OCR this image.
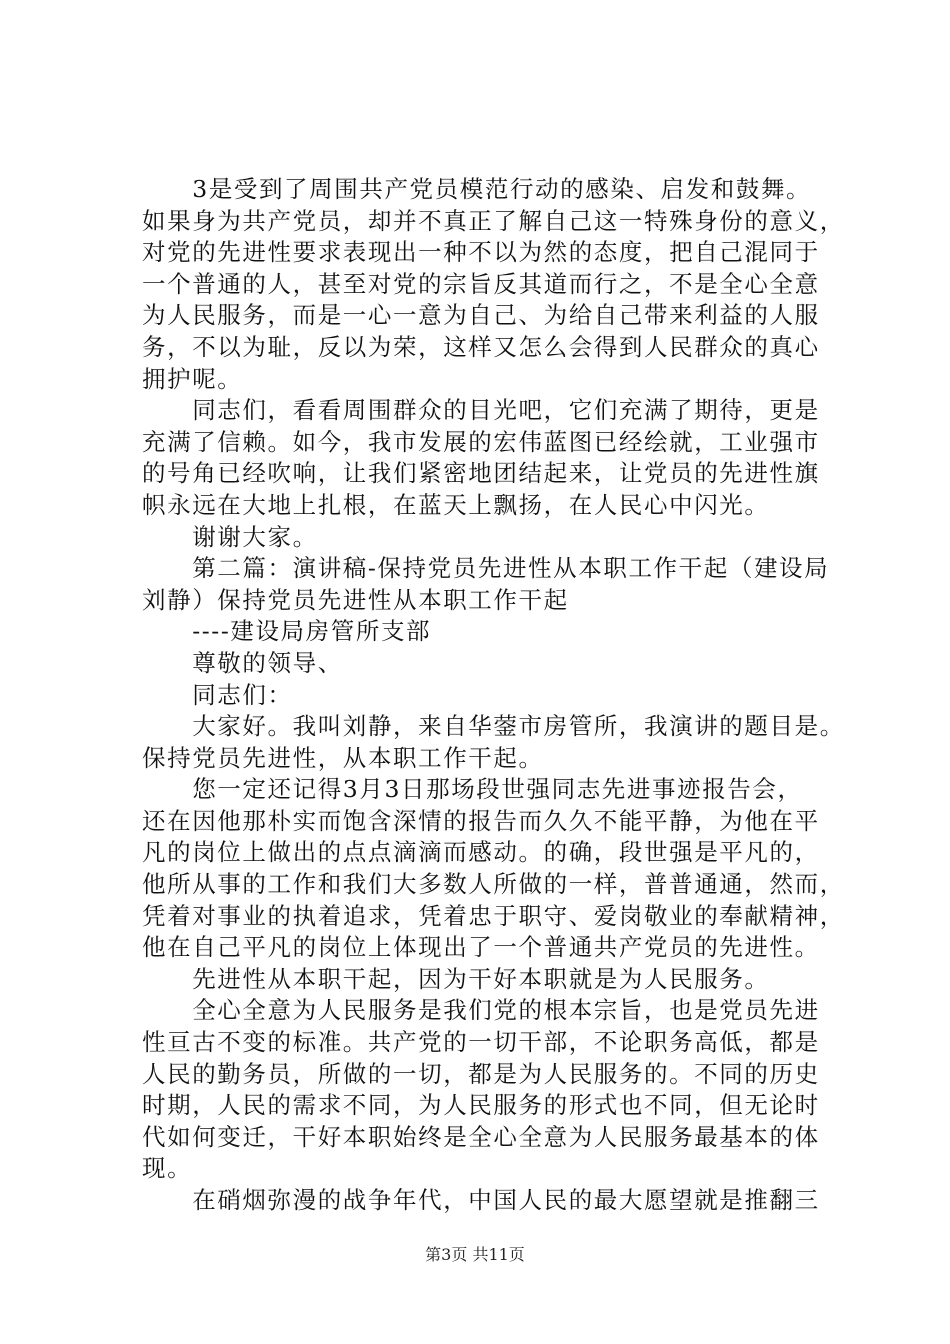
　　3是受到了周围共产党员模范行动的感染、启发和鼓舞。
如果身为共产党员，却并不真正了解自己这一特殊身份的意义，
对党的先进性要求表现出一种不以为然的态度，把自己混同于
一个普通的人，甚至对党的宗旨反其道而行之，不是全心全意
为人民服务，而是一心一意为自己、为给自己带来利益的人服
务，不以为耻，反以为荣，这样又怎么会得到人民群众的真心
拥护呢。
　　同志们，看看周围群众的目光吧，它们充满了期待，更是
充满了信赖。如今，我市发展的宏伟蓝图已经绘就，工业强市
的号角已经吹响，让我们紧密地团结起来，让党员的先进性旗
帜永远在大地上扎根，在蓝天上飘扬，在人民心中闪光。
　　谢谢大家。
　　第二篇：演讲稿-保持党员先进性从本职工作干起（建设局
刘静）保持党员先进性从本职工作干起
　　----建设局房管所支部
　　尊敬的领导、
　　同志们：
　　大家好。我叫刘静，来自华蓥市房管所，我演讲的题目是。
保持党员先进性，从本职工作干起。
　　您一定还记得3月3日那场段世强同志先进事迹报告会，
还在因他那朴实而饱含深情的报告而久久不能平静，为他在平
凡的岗位上做出的点点滴滴而感动。的确，段世强是平凡的，
他所从事的工作和我们大多数人所做的一样，普普通通，然而，
凭着对事业的执着追求，凭着忠于职守、爱岗敬业的奉献精神，
他在自己平凡的岗位上体现出了一个普通共产党员的先进性。
　　先进性从本职干起，因为干好本职就是为人民服务。
　　全心全意为人民服务是我们党的根本宗旨，也是党员先进
性亘古不变的标准。共产党的一切干部，不论职务高低，都是
人民的勤务员，所做的一切，都是为人民服务的。不同的历史
时期，人民的需求不同，为人民服务的形式也不同，但无论时
代如何变迁，干好本职始终是全心全意为人民服务最基本的体
现。
　　在硝烟弥漫的战争年代，中国人民的最大愿望就是推翻三
第3页 共11页
